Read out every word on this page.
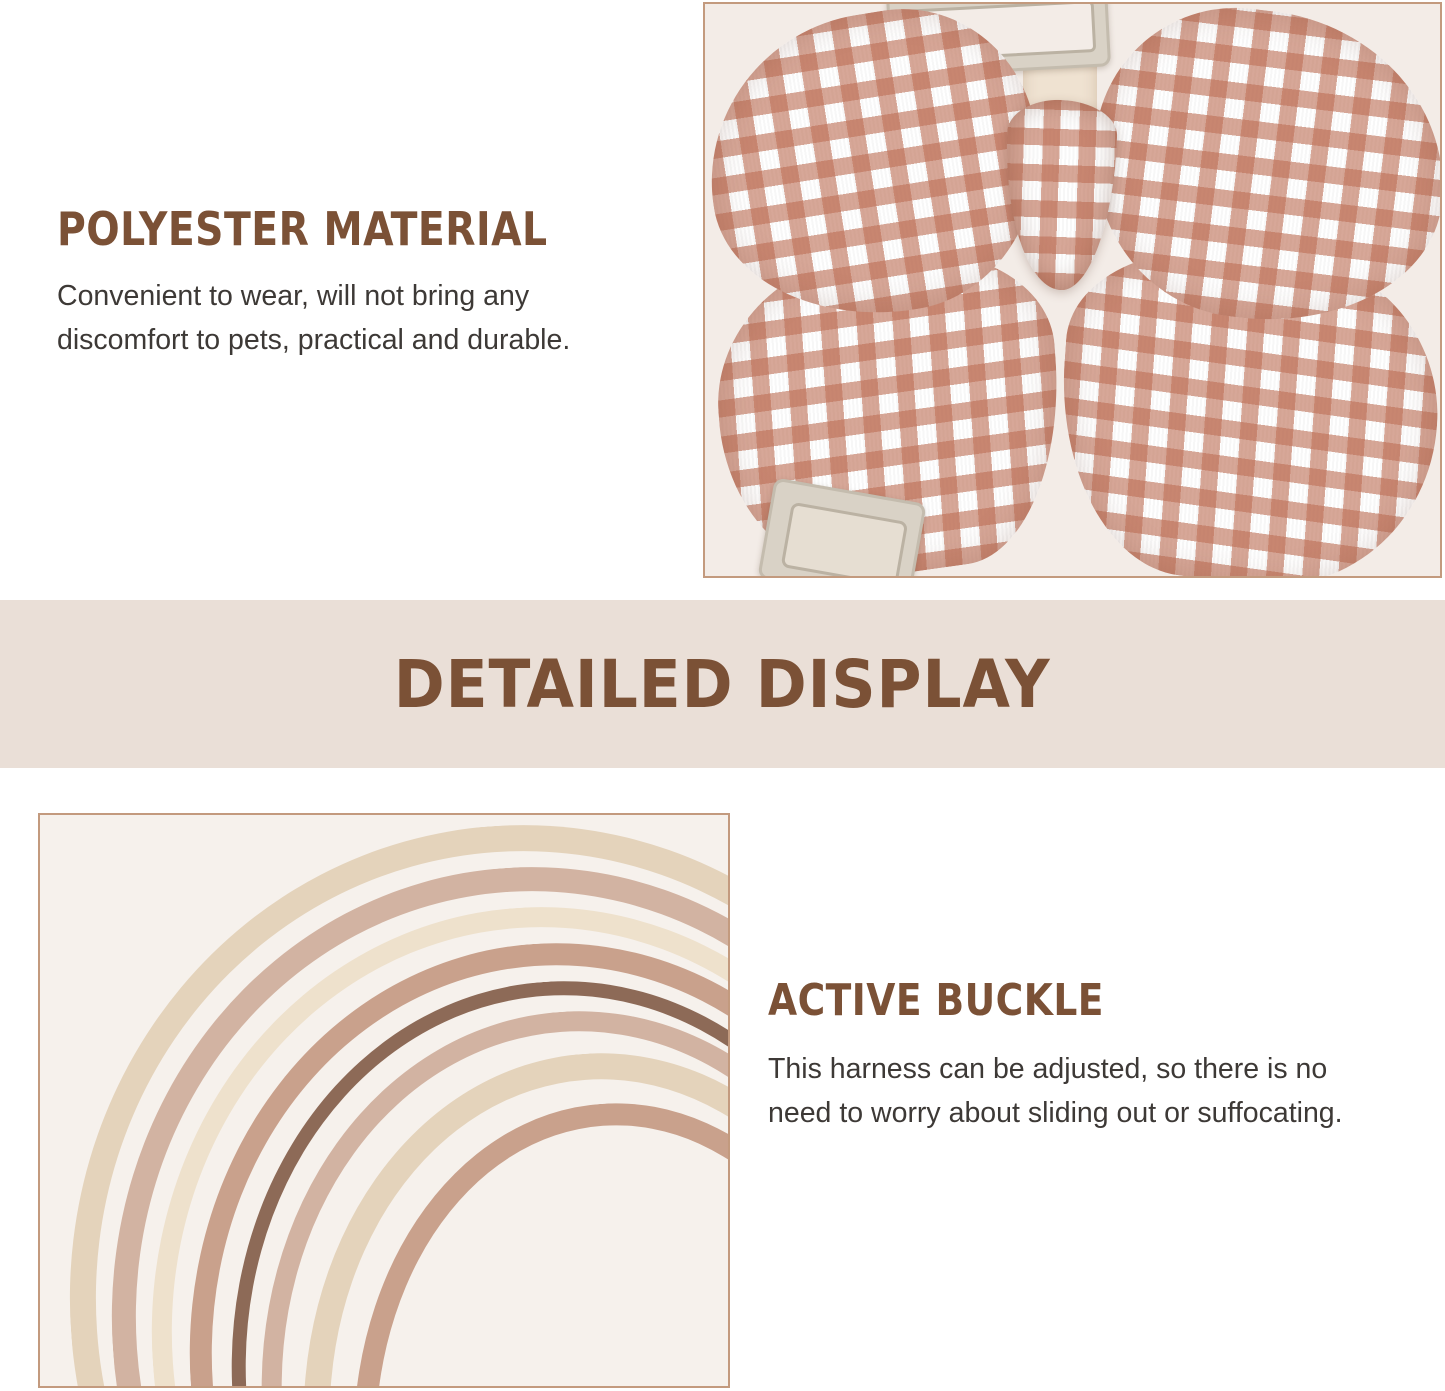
POLYESTER MATERIAL

Convenient to wear, will not bring any discomfort to pets, practical and durable.

DETAILED DISPLAY
ACTIVE BUCKLE

This harness can be adjusted, so there is no need to worry about sliding out or suffocating.
